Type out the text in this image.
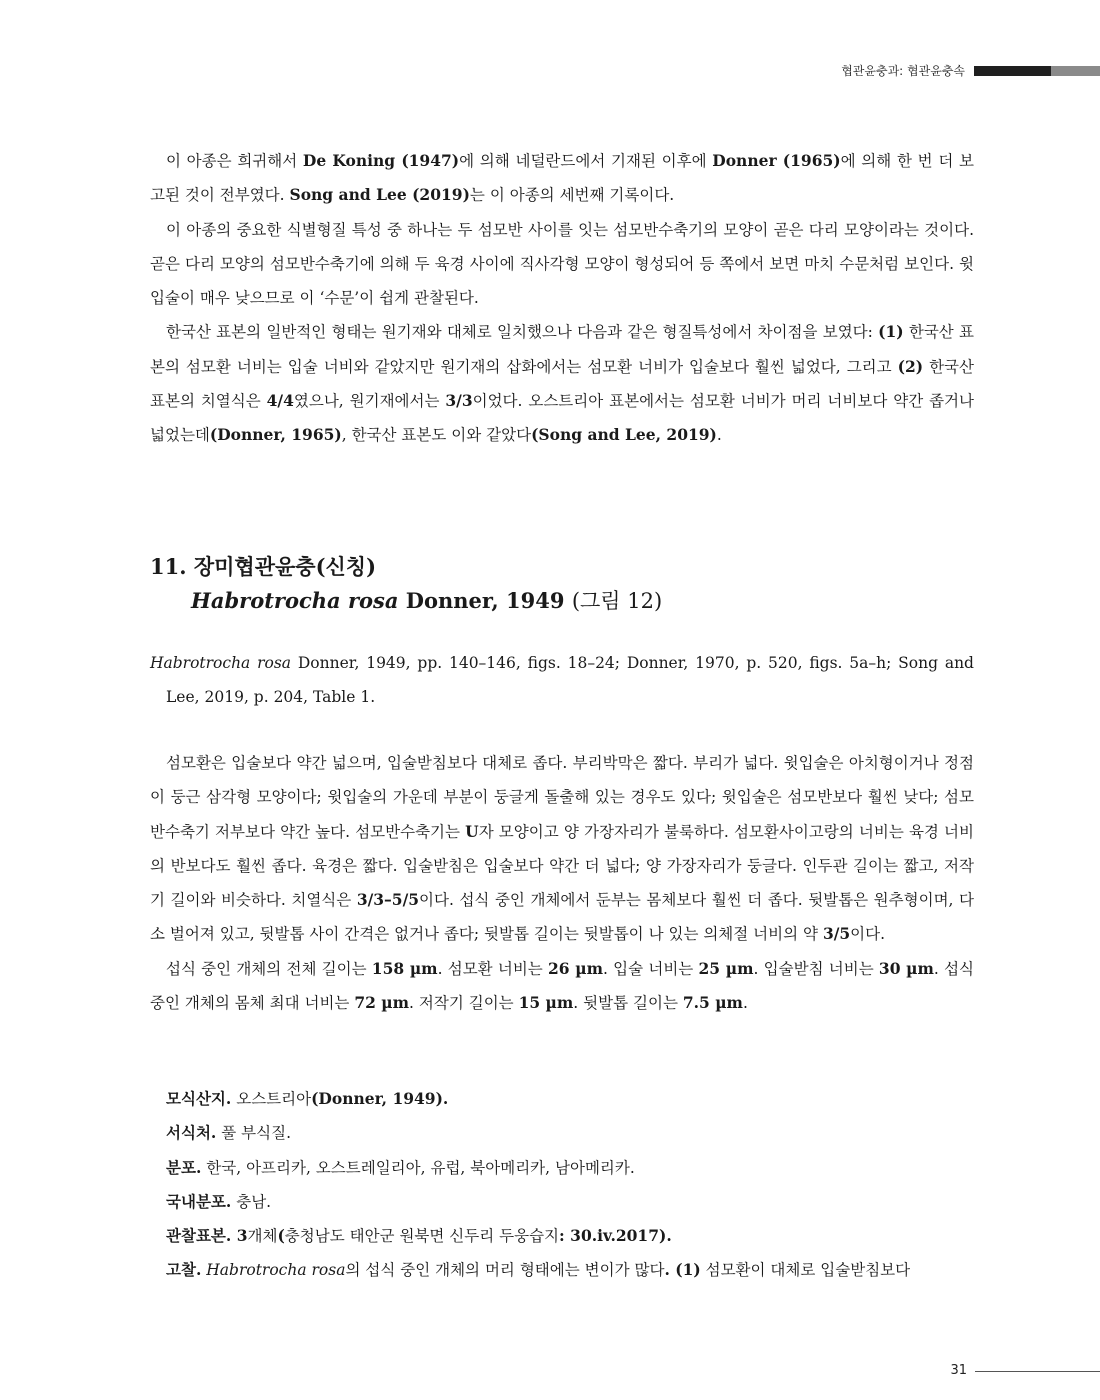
협관윤충과: 협관윤충속

이 아종은 희귀해서 De Koning (1947)에 의해 네덜란드에서 기재된 이후에 Donner (1965)에 의해 한 번 더 보고된 것이 전부였다. Song and Lee (2019)는 이 아종의 세번째 기록이다.

이 아종의 중요한 식별형질 특성 중 하나는 두 섬모반 사이를 잇는 섬모반수축기의 모양이 곧은 다리 모양이라는 것이다. 곧은 다리 모양의 섬모반수축기에 의해 두 육경 사이에 직사각형 모양이 형성되어 등 쪽에서 보면 마치 수문처럼 보인다. 윗입술이 매우 낮으므로 이 ‘수문’이 쉽게 관찰된다.

한국산 표본의 일반적인 형태는 원기재와 대체로 일치했으나 다음과 같은 형질특성에서 차이점을 보였다: (1) 한국산 표본의 섬모환 너비는 입술 너비와 같았지만 원기재의 삽화에서는 섬모환 너비가 입술보다 훨씬 넓었다, 그리고 (2) 한국산 표본의 치열식은 4/4였으나, 원기재에서는 3/3이었다. 오스트리아 표본에서는 섬모환 너비가 머리 너비보다 약간 좁거나 넓었는데(Donner, 1965), 한국산 표본도 이와 같았다(Song and Lee, 2019).

11. 장미협관윤충(신칭)
Habrotrocha rosa Donner, 1949 (그림 12)

Habrotrocha rosa Donner, 1949, pp. 140–146, figs. 18–24; Donner, 1970, p. 520, figs. 5a–h; Song and Lee, 2019, p. 204, Table 1.

섬모환은 입술보다 약간 넓으며, 입술받침보다 대체로 좁다. 부리박막은 짧다. 부리가 넓다. 윗입술은 아치형이거나 정점이 둥근 삼각형 모양이다; 윗입술의 가운데 부분이 둥글게 돌출해 있는 경우도 있다; 윗입술은 섬모반보다 훨씬 낮다; 섬모반수축기 저부보다 약간 높다. 섬모반수축기는 U자 모양이고 양 가장자리가 불룩하다. 섬모환사이고랑의 너비는 육경 너비의 반보다도 훨씬 좁다. 육경은 짧다. 입술받침은 입술보다 약간 더 넓다; 양 가장자리가 둥글다. 인두관 길이는 짧고, 저작기 길이와 비슷하다. 치열식은 3/3–5/5이다. 섭식 중인 개체에서 둔부는 몸체보다 훨씬 더 좁다. 뒷발톱은 원추형이며, 다소 벌어져 있고, 뒷발톱 사이 간격은 없거나 좁다; 뒷발톱 길이는 뒷발톱이 나 있는 의체절 너비의 약 3/5이다.

섭식 중인 개체의 전체 길이는 158 µm. 섬모환 너비는 26 µm. 입술 너비는 25 µm. 입술받침 너비는 30 µm. 섭식 중인 개체의 몸체 최대 너비는 72 µm. 저작기 길이는 15 µm. 뒷발톱 길이는 7.5 µm.

모식산지. 오스트리아(Donner, 1949).

서식처. 풀 부식질.

분포. 한국, 아프리카, 오스트레일리아, 유럽, 북아메리카, 남아메리카.

국내분포. 충남.

관찰표본. 3개체(충청남도 태안군 원북면 신두리 두웅습지: 30.iv.2017).

고찰. Habrotrocha rosa의 섭식 중인 개체의 머리 형태에는 변이가 많다. (1) 섬모환이 대체로 입술받침보다

31
